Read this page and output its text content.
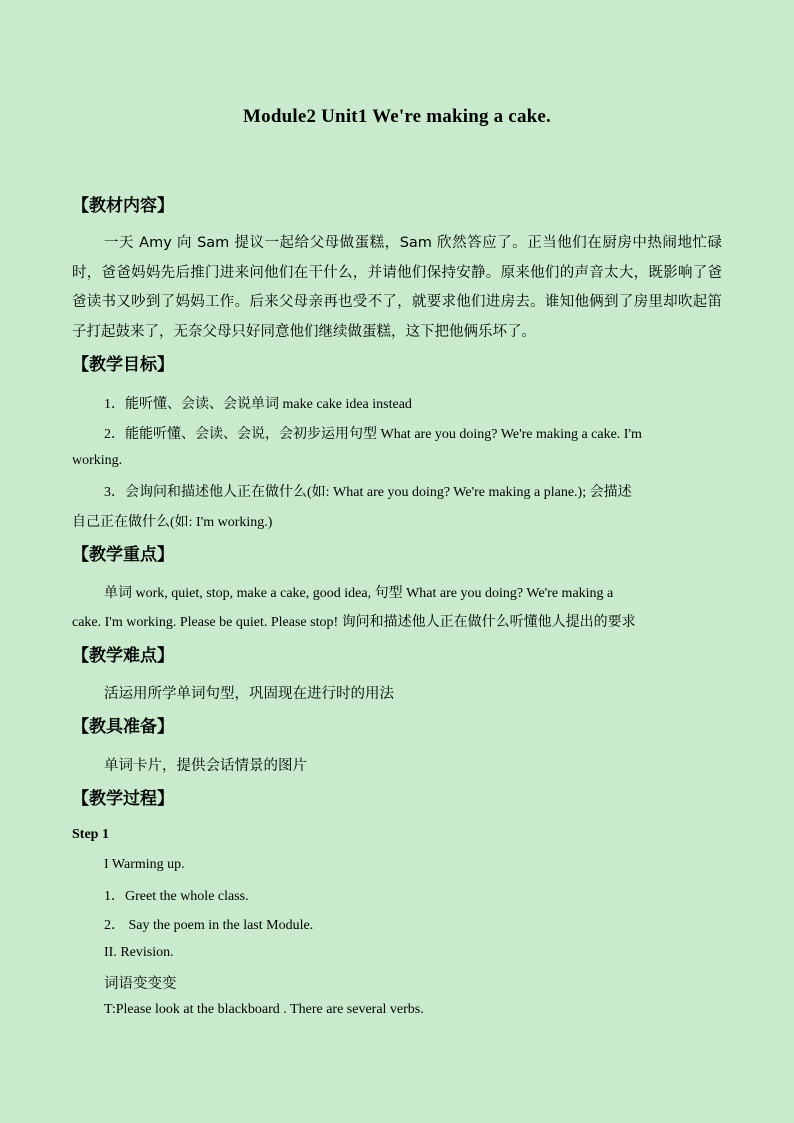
Module2 Unit1 We're making a cake.
【教材内容】
一天 Amy 向 Sam 提议一起给父母做蛋糕，Sam 欣然答应了。正当他们在厨房中热闹地忙碌时，爸爸妈妈先后推门进来问他们在干什么，并请他们保持安静。原来他们的声音太大，既影响了爸爸读书又吵到了妈妈工作。后来父母亲再也受不了，就要求他们进房去。谁知他俩到了房里却吹起笛子打起鼓来了，无奈父母只好同意他们继续做蛋糕，这下把他俩乐坏了。
【教学目标】
1．能听懂、会读、会说单词 make cake idea instead
2．能能听懂、会读、会说，会初步运用句型 What are you doing? We're making a cake. I'm
working.
3．会询问和描述他人正在做什么(如: What are you doing? We're making a plane.); 会描述
自己正在做什么(如: I'm working.)
【教学重点】
单词 work, quiet, stop, make a cake, good idea, 句型 What are you doing? We're making a
cake. I'm working. Please be quiet. Please stop! 询问和描述他人正在做什么听懂他人提出的要求
【教学难点】
活运用所学单词句型，巩固现在进行时的用法
【教具准备】
单词卡片，提供会话情景的图片
【教学过程】
Step 1
I Warming up.
1．Greet the whole class.
2． Say the poem in the last Module.
II. Revision.
词语变变变
T:Please look at the blackboard . There are several verbs.
